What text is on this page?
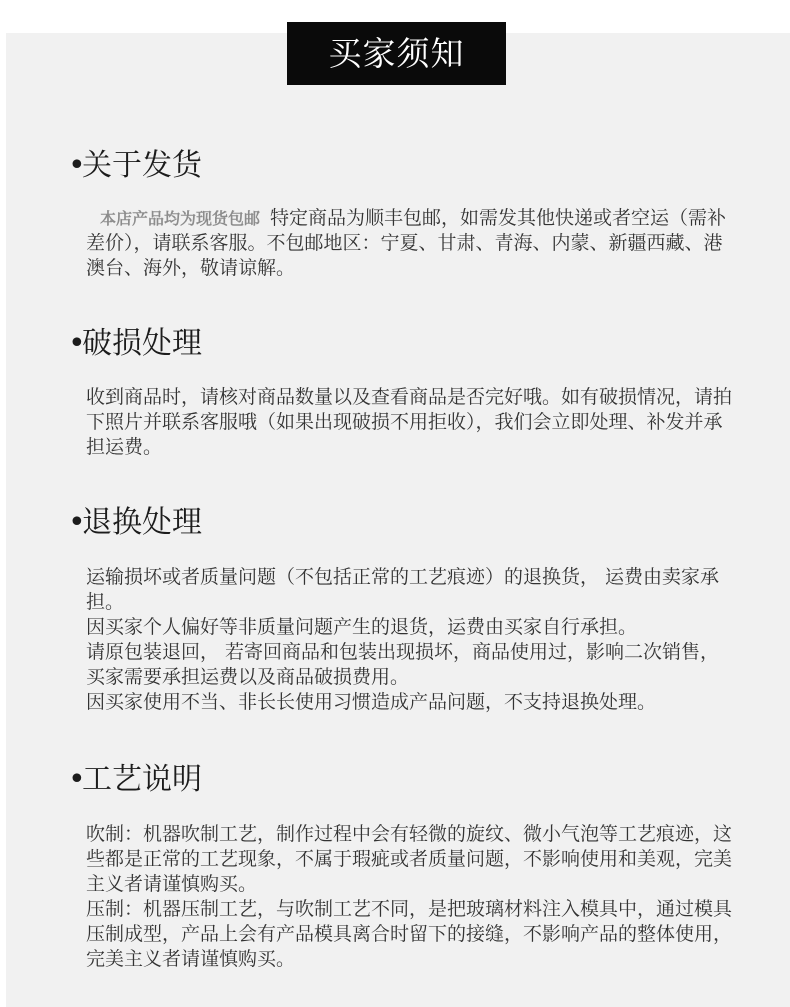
买家须知
•关于发货

本店产品均为现货包邮 特定商品为顺丰包邮，如需发其他快递或者空运（需补差价），请联系客服。不包邮地区：宁夏、甘肃、青海、内蒙、新疆西藏、港澳台、海外，敬请谅解。

•破损处理

收到商品时，请核对商品数量以及查看商品是否完好哦。如有破损情况，请拍下照片并联系客服哦（如果出现破损不用拒收），我们会立即处理、补发并承担运费。

•退换处理

运输损坏或者质量问题（不包括正常的工艺痕迹）的退换货， 运费由卖家承担。

因买家个人偏好等非质量问题产生的退货，运费由买家自行承担。

请原包装退回， 若寄回商品和包装出现损坏，商品使用过，影响二次销售，买家需要承担运费以及商品破损费用。

因买家使用不当、非长长使用习惯造成产品问题，不支持退换处理。

•工艺说明

吹制：机器吹制工艺，制作过程中会有轻微的旋纹、微小气泡等工艺痕迹，这些都是正常的工艺现象，不属于瑕疵或者质量问题，不影响使用和美观，完美主义者请谨慎购买。

压制：机器压制工艺，与吹制工艺不同，是把玻璃材料注入模具中，通过模具压制成型，产品上会有产品模具离合时留下的接缝，不影响产品的整体使用，完美主义者请谨慎购买。
